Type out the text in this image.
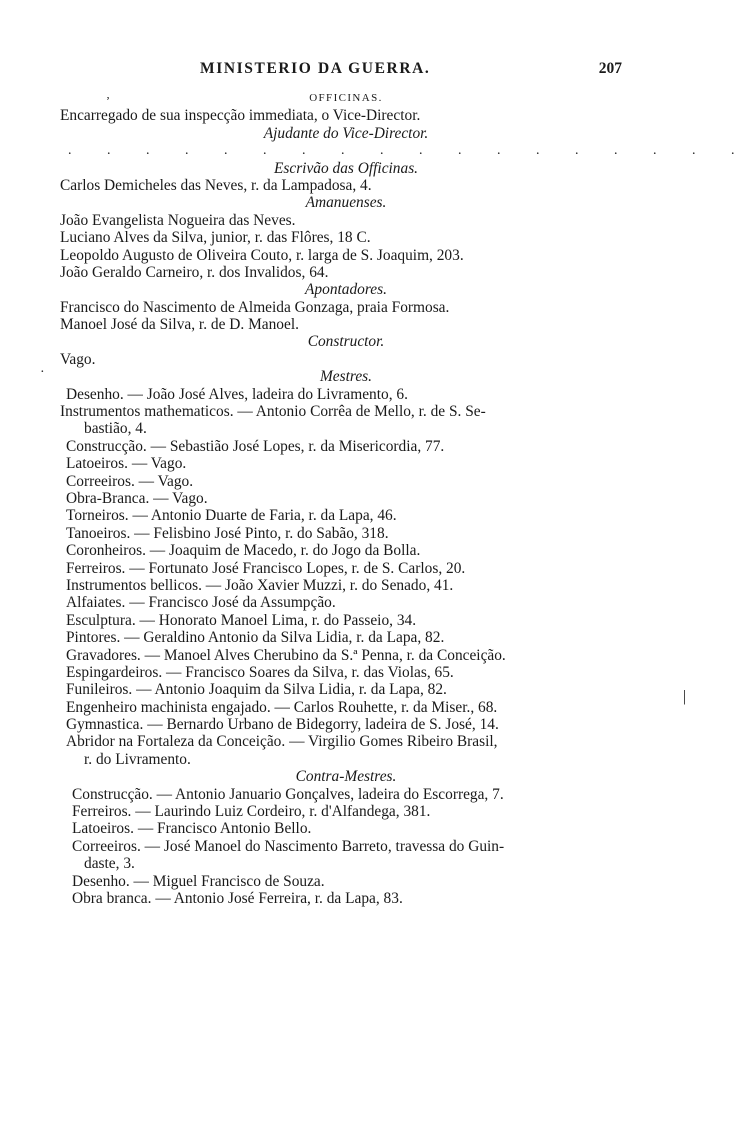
MINISTERIO DA GUERRA.	207
ʼ
·
|
OFFICINAS.
Encarregado de sua inspecção immediata, o Vice-Director.
Ajudante do Vice-Director.
. . . . . . . . . . . . . . . . . .
Escrivão das Officinas.
Carlos Demicheles das Neves, r. da Lampadosa, 4.
Amanuenses.
João Evangelista Nogueira das Neves.
Luciano Alves da Silva, junior, r. das Flôres, 18 C.
Leopoldo Augusto de Oliveira Couto, r. larga de S. Joaquim, 203.
João Geraldo Carneiro, r. dos Invalidos, 64.
Apontadores.
Francisco do Nascimento de Almeida Gonzaga, praia Formosa.
Manoel José da Silva, r. de D. Manoel.
Constructor.
Vago.
Mestres.
Desenho. — João José Alves, ladeira do Livramento, 6.
Instrumentos mathematicos. — Antonio Corrêa de Mello, r. de S. Se-
bastião, 4.
Construcção. — Sebastião José Lopes, r. da Misericordia, 77.
Latoeiros. — Vago.
Correeiros. — Vago.
Obra-Branca. — Vago.
Torneiros. — Antonio Duarte de Faria, r. da Lapa, 46.
Tanoeiros. — Felisbino José Pinto, r. do Sabão, 318.
Coronheiros. — Joaquim de Macedo, r. do Jogo da Bolla.
Ferreiros. — Fortunato José Francisco Lopes, r. de S. Carlos, 20.
Instrumentos bellicos. — João Xavier Muzzi, r. do Senado, 41.
Alfaiates. — Francisco José da Assumpção.
Esculptura. — Honorato Manoel Lima, r. do Passeio, 34.
Pintores. — Geraldino Antonio da Silva Lidia, r. da Lapa, 82.
Gravadores. — Manoel Alves Cherubino da S.ª Penna, r. da Conceição.
Espingardeiros. — Francisco Soares da Silva, r. das Violas, 65.
Funileiros. — Antonio Joaquim da Silva Lidia, r. da Lapa, 82.
Engenheiro machinista engajado. — Carlos Rouhette, r. da Miser., 68.
Gymnastica. — Bernardo Urbano de Bidegorry, ladeira de S. José, 14.
Abridor na Fortaleza da Conceição. — Virgilio Gomes Ribeiro Brasil,
r. do Livramento.
Contra-Mestres.
Construcção. — Antonio Januario Gonçalves, ladeira do Escorrega, 7.
Ferreiros. — Laurindo Luiz Cordeiro, r. d'Alfandega, 381.
Latoeiros. — Francisco Antonio Bello.
Correeiros. — José Manoel do Nascimento Barreto, travessa do Guin-
daste, 3.
Desenho. — Miguel Francisco de Souza.
Obra branca. — Antonio José Ferreira, r. da Lapa, 83.
